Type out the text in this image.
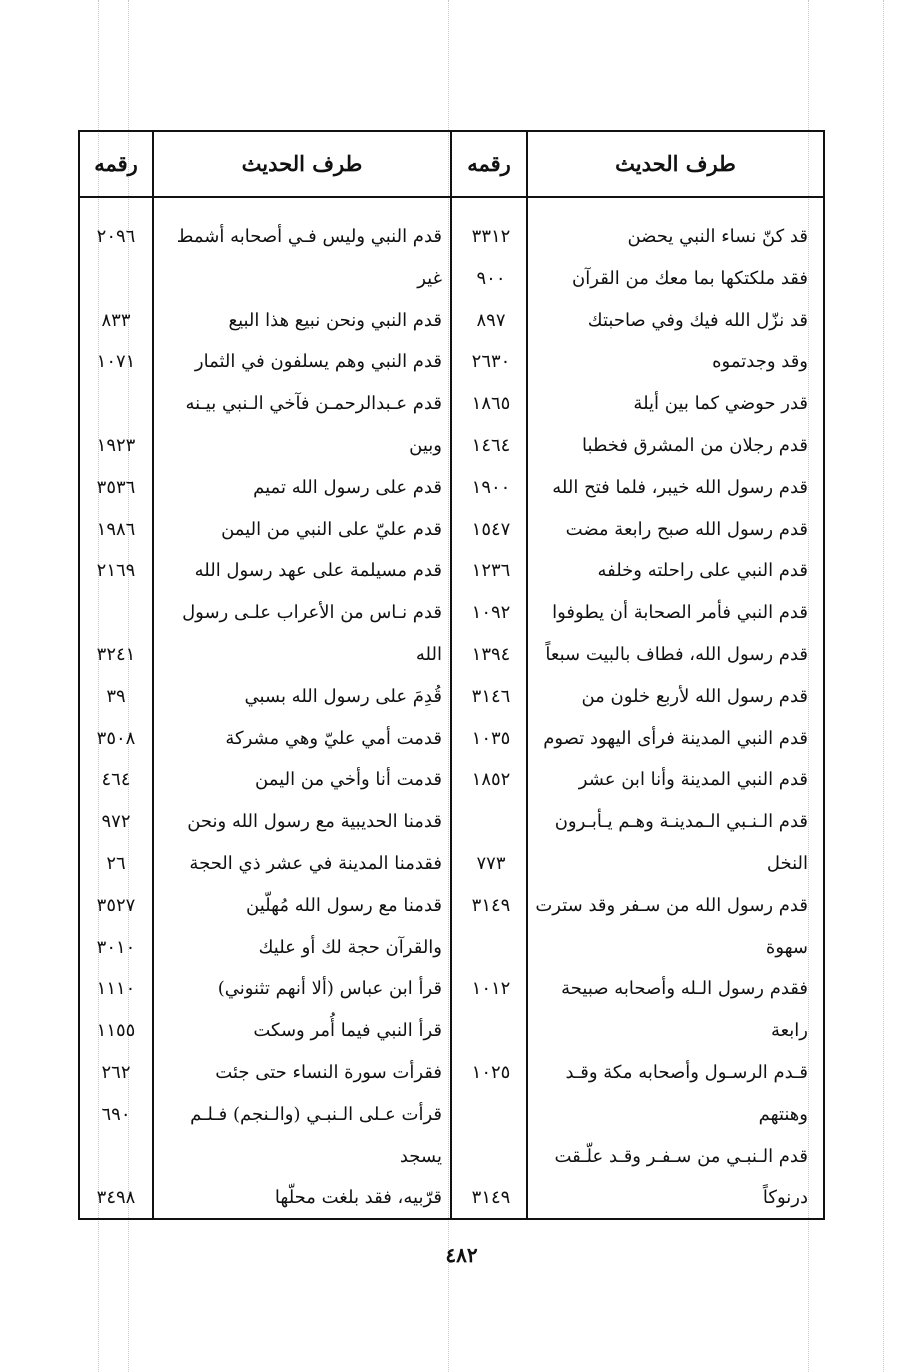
طرف الحديث
رقمه
طرف الحديث
رقمه
قد كنّ نساء النبي يحضن
٣٣١٢
قدم النبي وليس فـي أصحابه أشمط
٢٠٩٦
فقد ملكتكها بما معك من القرآن
٩٠٠
غير
قد نزّل الله فيك وفي صاحبتك
٨٩٧
قدم النبي ونحن نبيع هذا البيع
٨٣٣
وقد وجدتموه
٢٦٣٠
قدم النبي وهم يسلفون في الثمار
١٠٧١
قدر حوضي كما بين أيلة
١٨٦٥
قدم عـبدالرحمـن فآخي الـنبي بيـنه
قدم رجلان من المشرق فخطبا
١٤٦٤
وبين
١٩٢٣
قدم رسول الله خيبر، فلما فتح الله
١٩٠٠
قدم على رسول الله تميم
٣٥٣٦
قدم رسول الله صبح رابعة مضت
١٥٤٧
قدم عليّ على النبي من اليمن
١٩٨٦
قدم النبي على راحلته وخلفه
١٢٣٦
قدم مسيلمة على عهد رسول الله
٢١٦٩
قدم النبي فأمر الصحابة أن يطوفوا
١٠٩٢
قدم نـاس من الأعراب علـى رسول
قدم رسول الله، فطاف بالبيت سبعاً
١٣٩٤
الله
٣٢٤١
قدم رسول الله لأربع خلون من
٣١٤٦
قُدِمَ على رسول الله بسبي
٣٩
قدم النبي المدينة فرأى اليهود تصوم
١٠٣٥
قدمت أمي عليّ وهي مشركة
٣٥٠٨
قدم النبي المدينة وأنا ابن عشر
١٨٥٢
قدمت أنا وأخي من اليمن
٤٦٤
قدم الـنـبي الـمدينـة وهـم يـأبـرون
قدمنا الحديبية مع رسول الله ونحن
٩٧٢
النخل
٧٧٣
فقدمنا المدينة في عشر ذي الحجة
٢٦
قدم رسول الله من سـفر وقد سترت
٣١٤٩
قدمنا مع رسول الله مُهلّين
٣٥٢٧
سهوة
والقرآن حجة لك أو عليك
٣٠١٠
فقدم رسول الـله وأصحابه صبيحة
١٠١٢
قرأ ابن عباس (ألا أنهم تثنوني)
١١١٠
رابعة
قرأ النبي فيما أُمر وسكت
١١٥٥
قـدم الرسـول وأصحابه مكة وقـد
١٠٢٥
فقرأت سورة النساء حتى جئت
٢٦٢
وهنتهم
قرأت عـلى الـنبـي (والـنجم) فـلـم
٦٩٠
قدم الـنبـي من سـفـر وقـد علّـقت
يسجد
درنوكاً
٣١٤٩
قرّبيه، فقد بلغت محلّها
٣٤٩٨
٤٨٢
